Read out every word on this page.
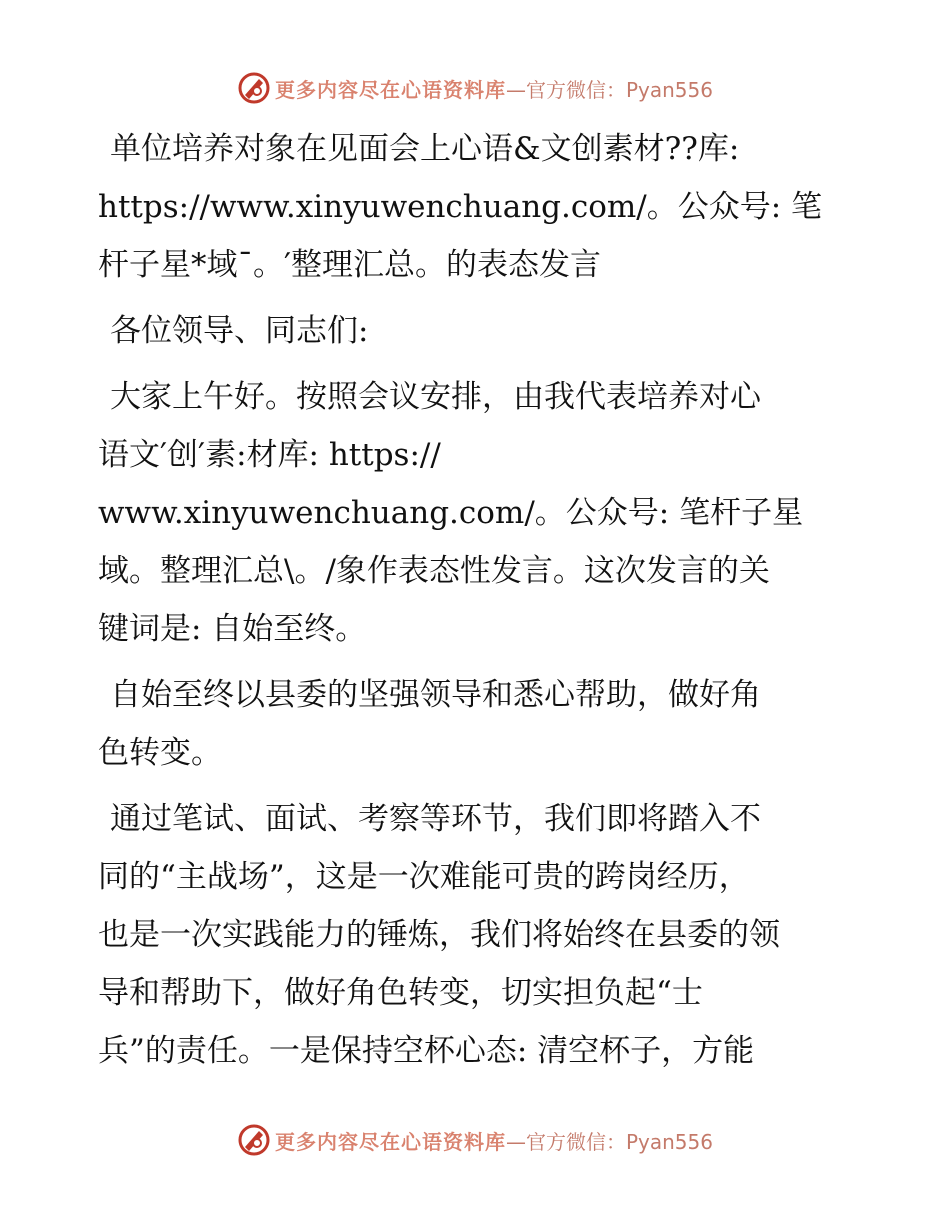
更多内容尽在心语资料库 —官方微信：Pyan556

单位培养对象在见面会上心语&文创素材??库:
https://www.xinyuwenchuang.com/。公众号: 笔
杆子星*域¯。′整理汇总。的表态发言

各位领导、同志们:

大家上午好。按照会议安排，由我代表培养对心
语文′创′素:材库: https://
www.xinyuwenchuang.com/。公众号: 笔杆子星
域。整理汇总\。/象作表态性发言。这次发言的关
键词是: 自始至终。

自始至终以县委的坚强领导和悉心帮助，做好角
色转变。

通过笔试、面试、考察等环节，我们即将踏入不
同的“主战场”，这是一次难能可贵的跨岗经历，
也是一次实践能力的锤炼，我们将始终在县委的领
导和帮助下，做好角色转变，切实担负起“士
兵”的责任。一是保持空杯心态: 清空杯子，方能

更多内容尽在心语资料库 —官方微信：Pyan556
